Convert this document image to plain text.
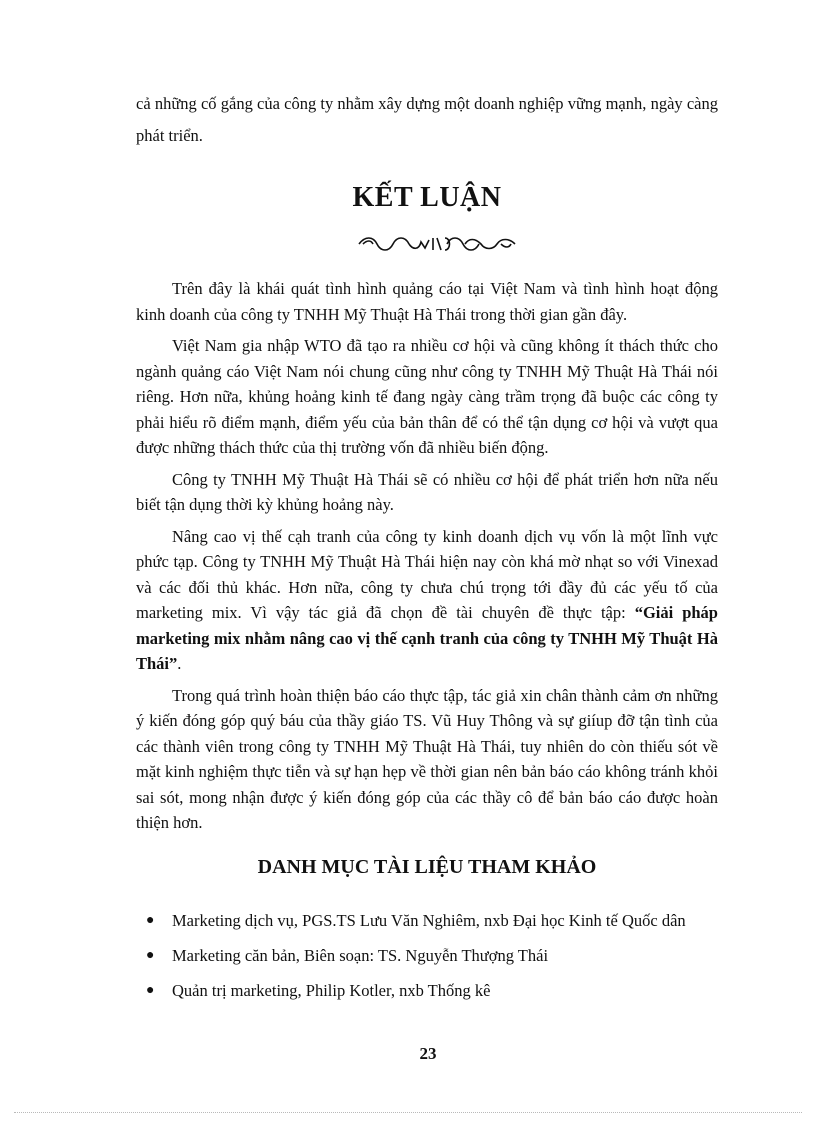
cả những cố gắng của công ty nhằm xây dựng một doanh nghiệp vững mạnh, ngày càng phát triển.

KẾT LUẬN

Trên đây là khái quát tình hình quảng cáo tại Việt Nam và tình hình hoạt động kinh doanh của công ty TNHH Mỹ Thuật Hà Thái trong thời gian gần đây.

Việt Nam gia nhập WTO đã tạo ra nhiều cơ hội và cũng không ít thách thức cho ngành quảng cáo Việt Nam nói chung cũng như công ty TNHH Mỹ Thuật Hà Thái nói riêng. Hơn nữa, khủng hoảng kinh tế đang ngày càng trầm trọng đã buộc các công ty phải hiểu rõ điểm mạnh, điểm yếu của bản thân để có thể tận dụng cơ hội và vượt qua được những thách thức của thị trường vốn đã nhiều biến động.

Công ty TNHH Mỹ Thuật Hà Thái sẽ có nhiều cơ hội để phát triển hơn nữa nếu biết tận dụng thời kỳ khủng hoảng này.

Nâng cao vị thế cạh tranh của công ty kinh doanh dịch vụ vốn là một lĩnh vực phức tạp. Công ty TNHH Mỹ Thuật Hà Thái hiện nay còn khá mờ nhạt so với Vinexad và các đối thủ khác. Hơn nữa, công ty chưa chú trọng tới đầy đủ các yếu tố của marketing mix. Vì vậy tác giả đã chọn đề tài chuyên đề thực tập: “Giải pháp marketing mix nhằm nâng cao vị thế cạnh tranh của công ty TNHH Mỹ Thuật Hà Thái”.

Trong quá trình hoàn thiện báo cáo thực tập, tác giả xin chân thành cảm ơn những ý kiến đóng góp quý báu của thầy giáo TS. Vũ Huy Thông và sự giíup đỡ tận tình của các thành viên trong công ty TNHH Mỹ Thuật Hà Thái, tuy nhiên do còn thiếu sót về mặt kinh nghiệm thực tiễn và sự hạn hẹp về thời gian nên bản báo cáo không tránh khỏi sai sót, mong nhận được ý kiến đóng góp của các thầy cô để bản báo cáo được hoàn thiện hơn.

DANH MỤC TÀI LIỆU THAM KHẢO
● Marketing dịch vụ, PGS.TS Lưu Văn Nghiêm, nxb Đại học Kinh tế Quốc dân
● Marketing căn bản, Biên soạn: TS. Nguyễn Thượng Thái
● Quản trị marketing, Philip Kotler, nxb Thống kê
23
